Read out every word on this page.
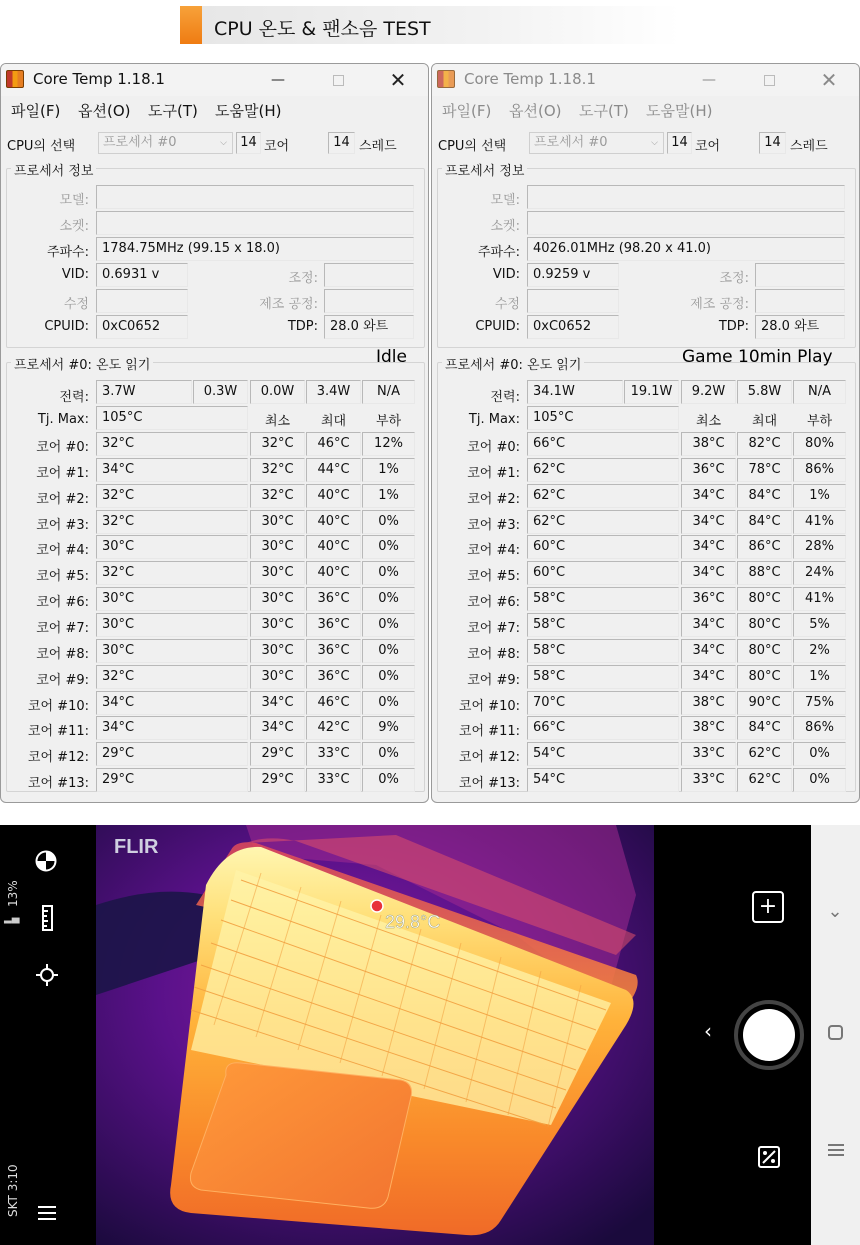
CPU 온도 & 팬소음 TEST
Core Temp 1.18.1	—	✕
파일(F) 옵션(O) 도구(T) 도움말(H)
CPU의 선택	프로세서 #0	⌵	14 코어	14 스레드
프로세서 정보
모델:
소켓:
주파수:	1784.75MHz (99.15 x 18.0)
VID:	0.6931 v	조정:
수정	제조 공정:
CPUID:	0xC0652	TDP: 28.0 와트
프로세서 #0: 온도 읽기	Idle
전력:	3.7W	0.3W	0.0W	3.4W	N/A
Tj. Max:	105°C	최소	최대	부하
코어 #0:	32°C	32°C	46°C	12%
코어 #1:	34°C	32°C	44°C	1%
코어 #2:	32°C	32°C	40°C	1%
코어 #3:	32°C	30°C	40°C	0%
코어 #4:	30°C	30°C	40°C	0%
코어 #5:	32°C	30°C	40°C	0%
코어 #6:	30°C	30°C	36°C	0%
코어 #7:	30°C	30°C	36°C	0%
코어 #8:	30°C	30°C	36°C	0%
코어 #9:	32°C	30°C	36°C	0%
코어 #10:	34°C	34°C	46°C	0%
코어 #11:	34°C	34°C	42°C	9%
코어 #12:	29°C	29°C	33°C	0%
코어 #13:	29°C	29°C	33°C	0%
Core Temp 1.18.1	—	✕
파일(F) 옵션(O) 도구(T) 도움말(H)
CPU의 선택	프로세서 #0	⌵	14 코어	14 스레드
프로세서 정보
모델:
소켓:
주파수:	4026.01MHz (98.20 x 41.0)
VID:	0.9259 v	조정:
수정	제조 공정:
CPUID:	0xC0652	TDP: 28.0 와트
프로세서 #0: 온도 읽기	Game 10min Play
전력:	34.1W	19.1W	9.2W	5.8W	N/A
Tj. Max:	105°C	최소	최대	부하
코어 #0:	66°C	38°C	82°C	80%
코어 #1:	62°C	36°C	78°C	86%
코어 #2:	62°C	34°C	84°C	1%
코어 #3:	62°C	34°C	84°C	41%
코어 #4:	60°C	34°C	86°C	28%
코어 #5:	60°C	34°C	88°C	24%
코어 #6:	58°C	36°C	80°C	41%
코어 #7:	58°C	34°C	80°C	5%
코어 #8:	58°C	34°C	80°C	2%
코어 #9:	58°C	34°C	80°C	1%
코어 #10:	70°C	38°C	90°C	75%
코어 #11:	66°C	38°C	84°C	86%
코어 #12:	54°C	33°C	62°C	0%
코어 #13:	54°C	33°C	62°C	0%
13%
▂▄
SKT 3:10
FLIR
29.8°C
+
‹
⌄
